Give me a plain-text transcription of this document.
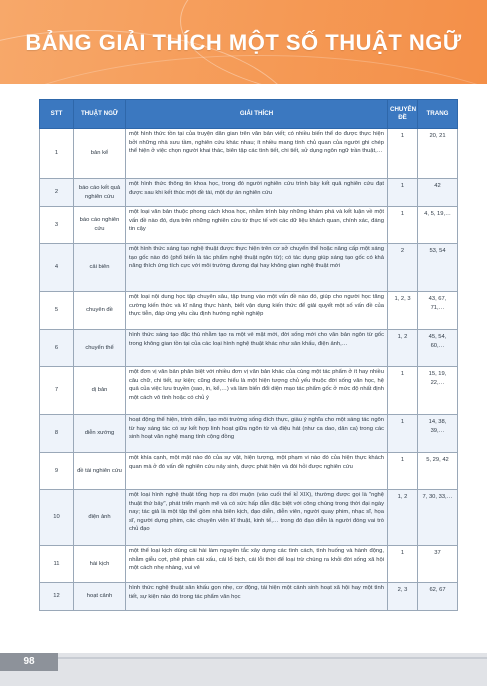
BẢNG GIẢI THÍCH MỘT SỐ THUẬT NGỮ
STT	THUẬT NGỮ	GIẢI THÍCH	CHUYÊN ĐỀ	TRANG
1	bản kể	một hình thức tồn tại của truyện dân gian trên văn bản viết; có nhiều biến thể do được thực hiện bởi những nhà sưu tầm, nghiên cứu khác nhau; ít nhiều mang tính chủ quan của người ghi chép thể hiện ở việc chọn người khai thác, biên tập các tình tiết, chi tiết, sử dụng ngôn ngữ trần thuật,…	1	20, 21
2	báo cáo kết quả nghiên cứu	một hình thức thông tin khoa học, trong đó người nghiên cứu trình bày kết quả nghiên cứu đạt được sau khi kết thúc một đề tài, một dự án nghiên cứu	1	42
3	báo cáo nghiên cứu	một loại văn bản thuộc phong cách khoa học, nhằm trình bày những khám phá và kết luận về một vấn đề nào đó, dựa trên những nghiên cứu từ thực tế với các dữ liệu khách quan, chính xác, đáng tin cậy	1	4, 5, 19,…
4	cải biên	một hình thức sáng tạo nghệ thuật được thực hiện trên cơ sở chuyển thể hoặc nâng cấp một sáng tạo gốc nào đó (phổ biến là tác phẩm nghệ thuật ngôn từ); có tác dụng giúp sáng tạo gốc có khả năng thích ứng tích cực với môi trường đương đại hay không gian nghệ thuật mới	2	53, 54
5	chuyên đề	một loại nội dung học tập chuyên sâu, tập trung vào một vấn đề nào đó, giúp cho người học tăng cường kiến thức và kĩ năng thực hành, biết vận dụng kiến thức để giải quyết một số vấn đề của thực tiễn, đáp ứng yêu cầu định hướng nghề nghiệp	1, 2, 3	43, 67, 71,…
6	chuyển thể	hình thức sáng tạo đặc thù nhằm tạo ra một vẻ mặt mới, đời sống mới cho văn bản ngôn từ gốc trong không gian tồn tại của các loại hình nghệ thuật khác như sân khấu, điện ảnh,…	1, 2	45, 54, 60,…
7	dị bản	một đơn vị văn bản phân biệt với nhiều đơn vị văn bản khác của cùng một tác phẩm ở ít hay nhiều câu chữ, chi tiết, sự kiện; cũng được hiểu là một hiện tượng chủ yếu thuộc đời sống văn học, hệ quả của việc lưu truyền (sao, in, kể,…) và làm biến đổi diện mạo tác phẩm gốc ở mức độ nhất định một cách vô tình hoặc có chủ ý	1	15, 19, 22,…
8	diễn xướng	hoạt động thể hiện, trình diễn, tạo môi trường sống đích thực, giàu ý nghĩa cho một sáng tác ngôn từ hay sáng tác có sự kết hợp linh hoạt giữa ngôn từ và điệu hát (như ca dao, dân ca) trong các sinh hoạt văn nghệ mang tính cộng đồng	1	14, 38, 39,…
9	đề tài nghiên cứu	một khía cạnh, một mặt nào đó của sự vật, hiện tượng, một phạm vi nào đó của hiện thực khách quan mà ở đó vấn đề nghiên cứu nảy sinh, được phát hiện và đòi hỏi được nghiên cứu	1	5, 29, 42
10	điện ảnh	một loại hình nghệ thuật tổng hợp ra đời muộn (vào cuối thế kỉ XIX), thường được gọi là "nghệ thuật thứ bảy", phát triển mạnh mẽ và có sức hấp dẫn đặc biệt với công chúng trong thời đại ngày nay; tác giả là một tập thể gồm nhà biên kịch, đạo diễn, diễn viên, người quay phim, nhạc sĩ, họa sĩ, người dựng phim, các chuyên viên kĩ thuật, kinh tế,… trong đó đạo diễn là người đóng vai trò chủ đạo	1, 2	7, 30, 33,…
11	hài kịch	một thể loại kịch dùng cái hài làm nguyên tắc xây dựng các tình cách, tình huống và hành động, nhằm giễu cợt, phê phán cái xấu, cái lố bịch, cái lỗi thời để loại trừ chúng ra khỏi đời sống xã hội một cách nhẹ nhàng, vui vẻ	1	37
12	hoạt cảnh	hình thức nghệ thuật sân khấu gọn nhẹ, cơ động, tái hiện một cảnh sinh hoạt xã hội hay một tình tiết, sự kiện nào đó trong tác phẩm văn học	2, 3	62, 67
98
